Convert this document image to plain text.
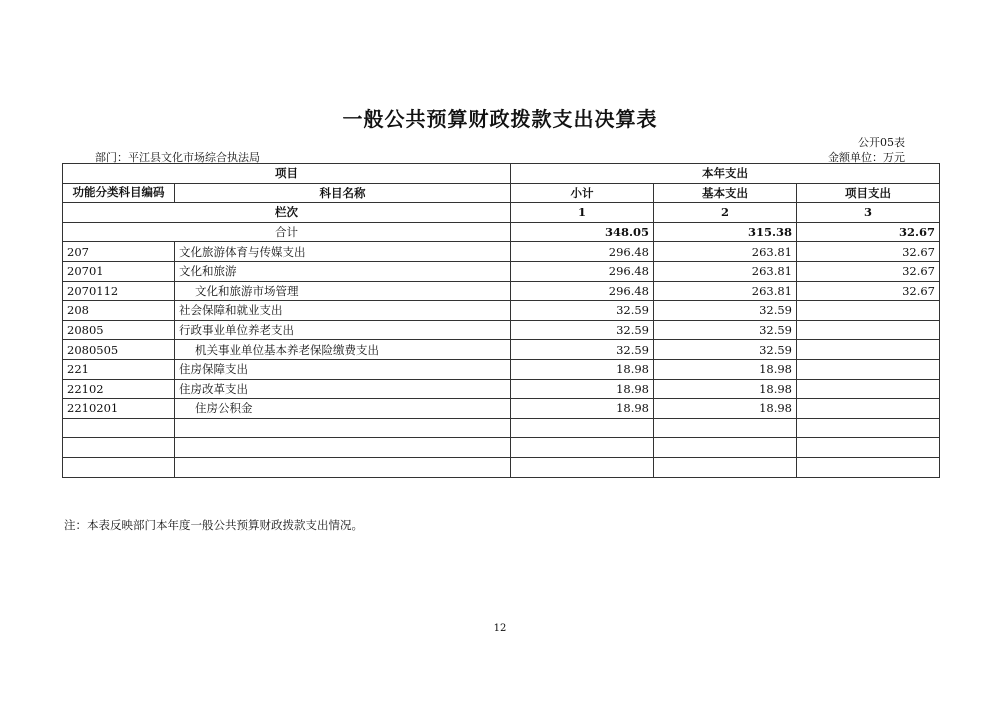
一般公共预算财政拨款支出决算表
公开05表
部门：平江县文化市场综合执法局	金额单位：万元
项目		本年支出		
功能分类科目编码	科目名称	小计	基本支出	项目支出
栏次		1	2	3
合计		348.05	315.38	32.67
207	文化旅游体育与传媒支出	296.48	263.81	32.67
20701	文化和旅游	296.48	263.81	32.67
2070112	文化和旅游市场管理	296.48	263.81	32.67
208	社会保障和就业支出	32.59	32.59	
20805	行政事业单位养老支出	32.59	32.59	
2080505	机关事业单位基本养老保险缴费支出	32.59	32.59	
221	住房保障支出	18.98	18.98	
22102	住房改革支出	18.98	18.98	
2210201	住房公积金	18.98	18.98	

注：本表反映部门本年度一般公共预算财政拨款支出情况。
12
